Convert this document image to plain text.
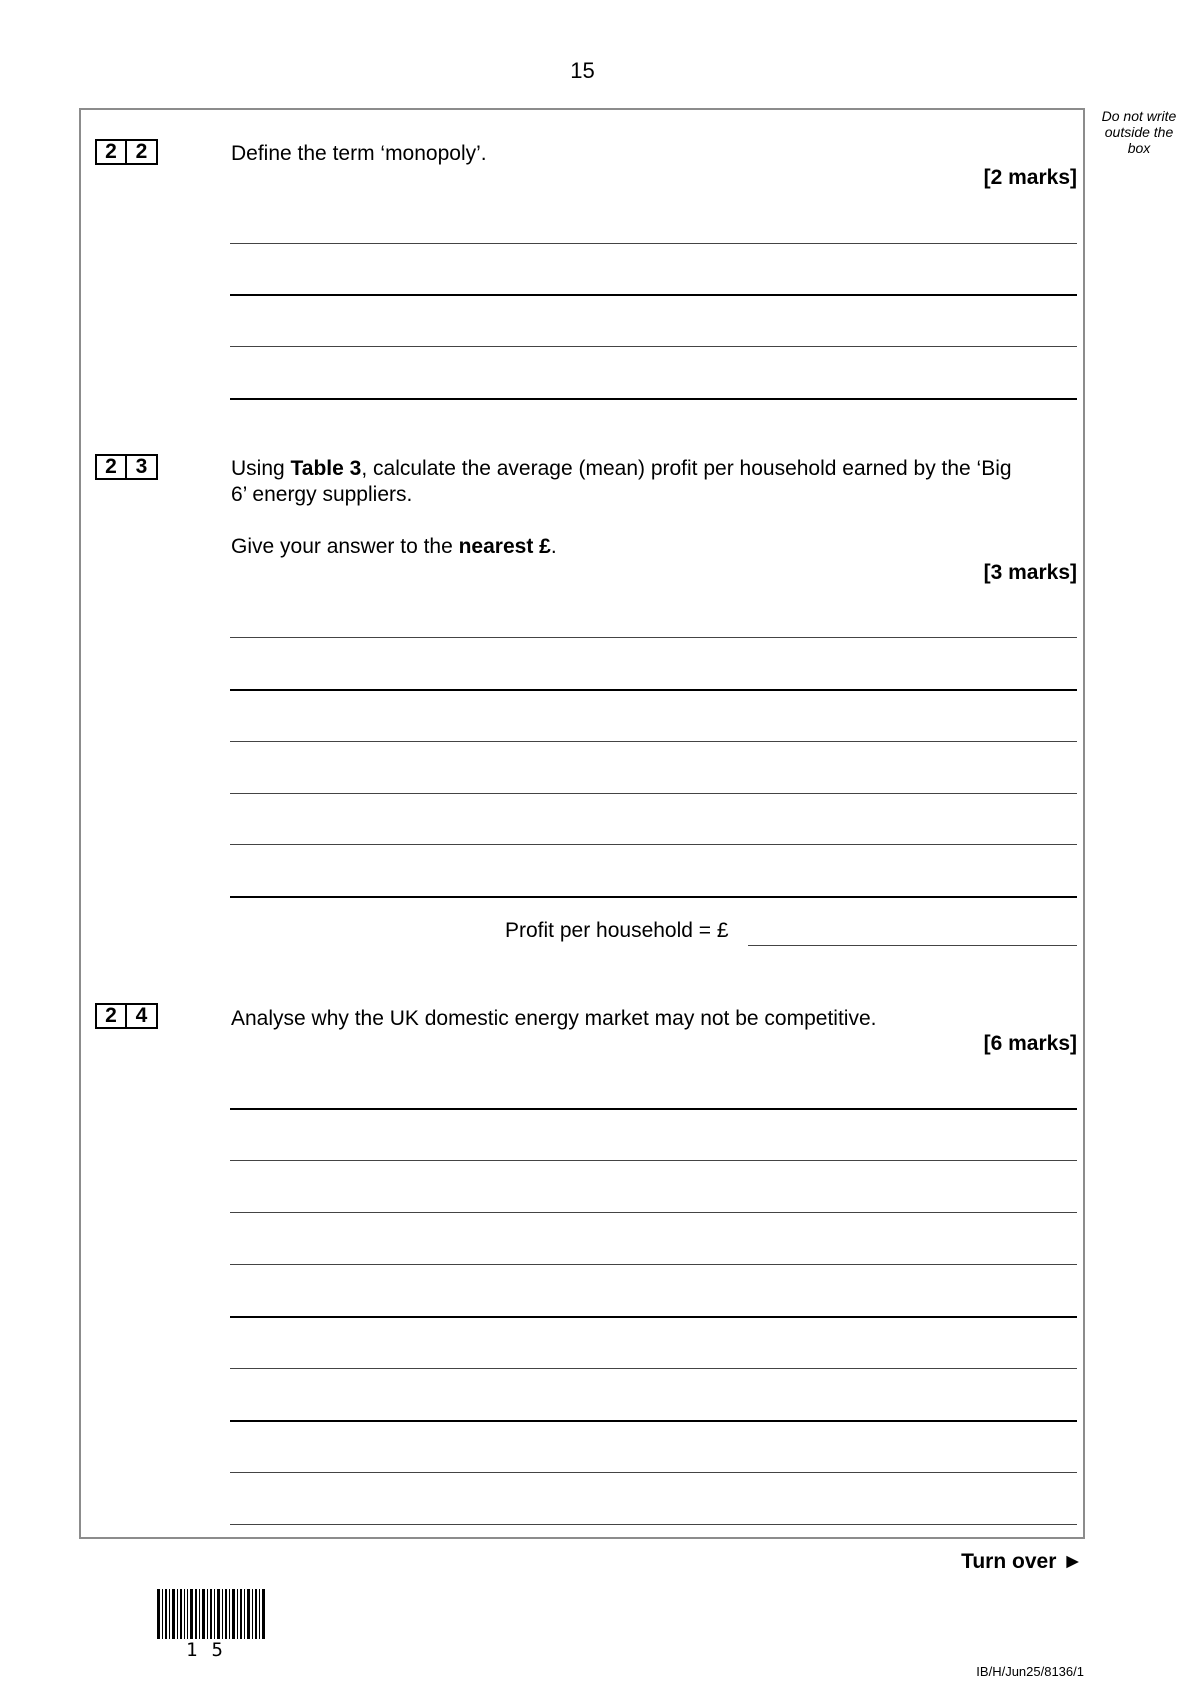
15
Do not write outside the box
2 2	Define the term ‘monopoly’.
[2 marks]
2 3	Using Table 3, calculate the average (mean) profit per household earned by the ‘Big 6’ energy suppliers.
Give your answer to the nearest £.
[3 marks]
Profit per household = £
2 4	Analyse why the UK domestic energy market may not be competitive.
[6 marks]
Turn over ►
15
IB/H/Jun25/8136/1
